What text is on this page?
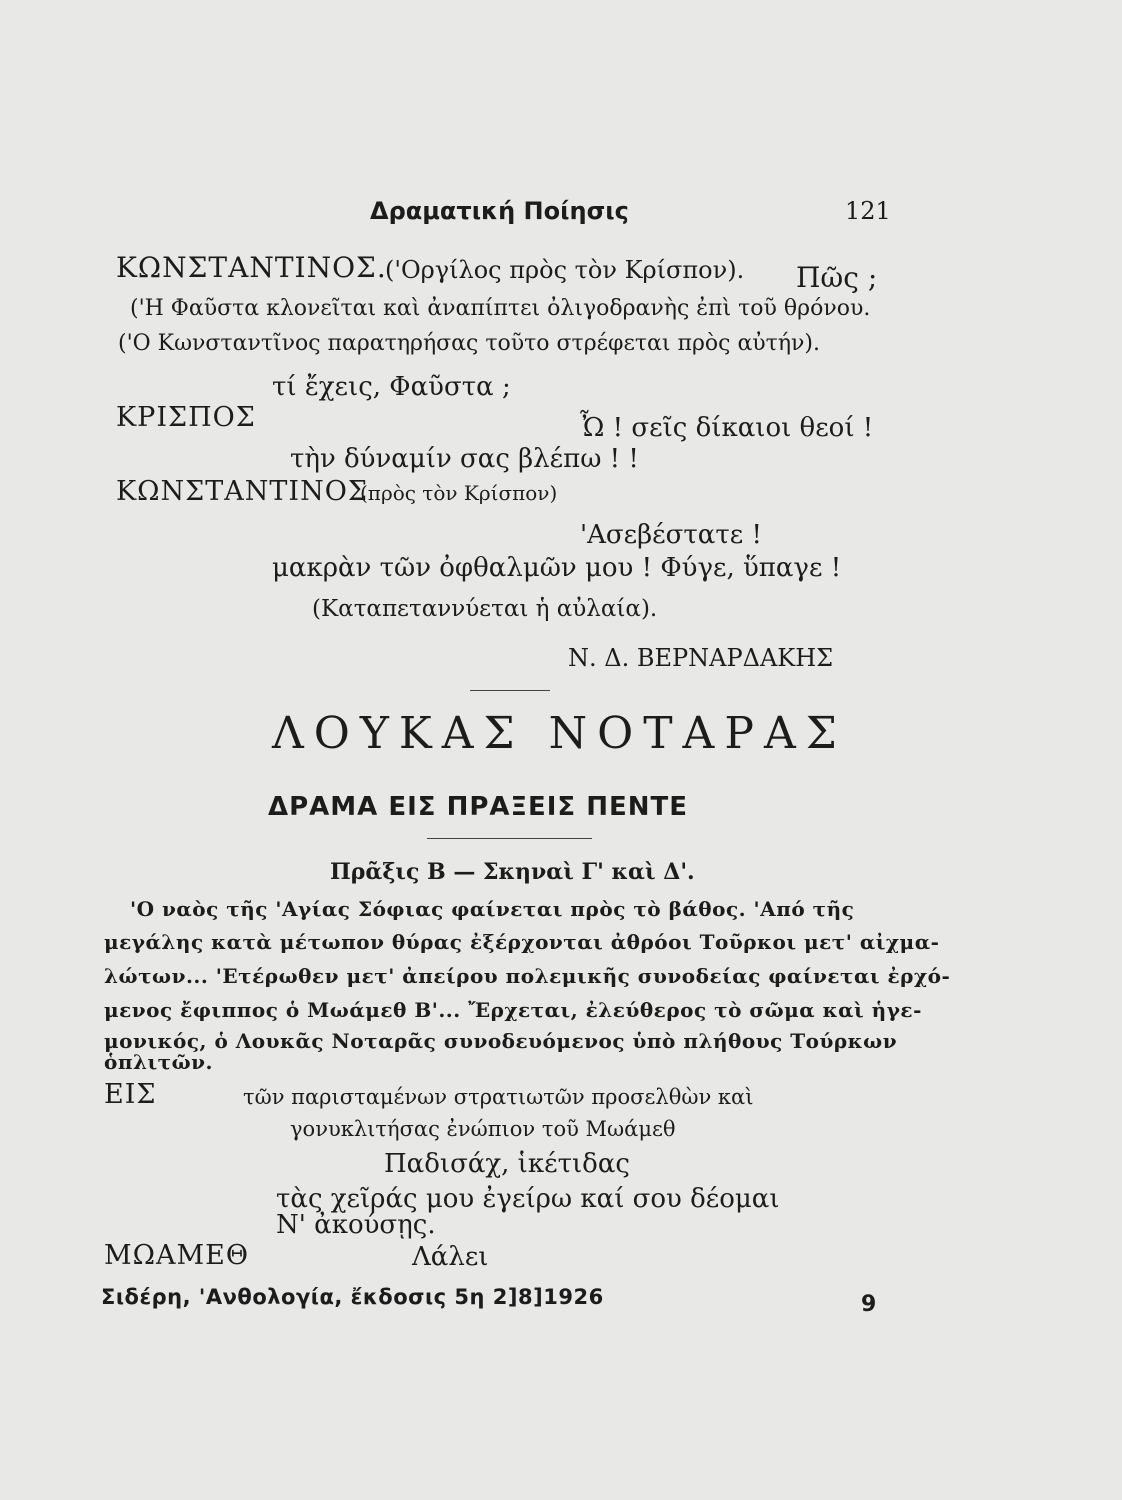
Δραματική Ποίησις	121
ΚΩΝΣΤΑΝΤΙΝΟΣ.
('Οργίλος πρὸς τὸν Κρίσπον). Πῶς ;
('Η Φαῦστα κλονεῖται καὶ ἀναπίπτει ὀλιγοδρανὴς ἐπὶ τοῦ θρόνου.
('Ο Κωνσταντῖνος παρατηρήσας τοῦτο στρέφεται πρὸς αὐτήν).
τί ἔχεις, Φαῦστα ;
ΚΡΙΣΠΟΣ	Ὦ ! σεῖς δίκαιοι θεοί !
τὴν δύναμίν σας βλέπω ! !
ΚΩΝΣΤΑΝΤΙΝΟΣ
(πρὸς τὸν Κρίσπον)
'Ασεβέστατε !
μακρὰν τῶν ὀφθαλμῶν μου ! Φύγε, ὕπαγε !
(Καταπεταννύεται ἡ αὐλαία).
Ν. Δ. ΒΕΡΝΑΡΔΑΚΗΣ
ΛΟΥΚΑΣ ΝΟΤΑΡΑΣ
ΔΡΑΜΑ ΕΙΣ ΠΡΑΞΕΙΣ ΠΕΝΤΕ
Πρᾶξις Β — Σκηναὶ Γ' καὶ Δ'.
'Ο ναὸς τῆς 'Αγίας Σόφιας φαίνεται πρὸς τὸ βάθος. 'Από τῆς
μεγάλης κατὰ μέτωπον θύρας ἐξέρχονται ἀθρόοι Τοῦρκοι μετ' αἰχμα-
λώτων... 'Ετέρωθεν μετ' ἀπείρου πολεμικῆς συνοδείας φαίνεται ἐρχό-
μενος ἔφιππος ὁ Μωάμεθ Β'... Ἔρχεται, ἐλεύθερος τὸ σῶμα καὶ ἡγε-
μονικός, ὁ Λουκᾶς Νοταρᾶς συνοδευόμενος ὑπὸ πλήθους Τούρκων
ὁπλιτῶν.
ΕΙΣ	τῶν παρισταμένων στρατιωτῶν προσελθὼν καὶ
γονυκλιτήσας ἐνώπιον τοῦ Μωάμεθ
Παδισάχ, ἱκέτιδας
τὰς χεῖράς μου ἐγείρω καί σου δέομαι
Ν' ἀκούσῃς.
ΜΩΑΜΕΘ	Λάλει
Σιδέρη, 'Ανθολογία, ἔκδοσις 5η 2]8]1926	9
